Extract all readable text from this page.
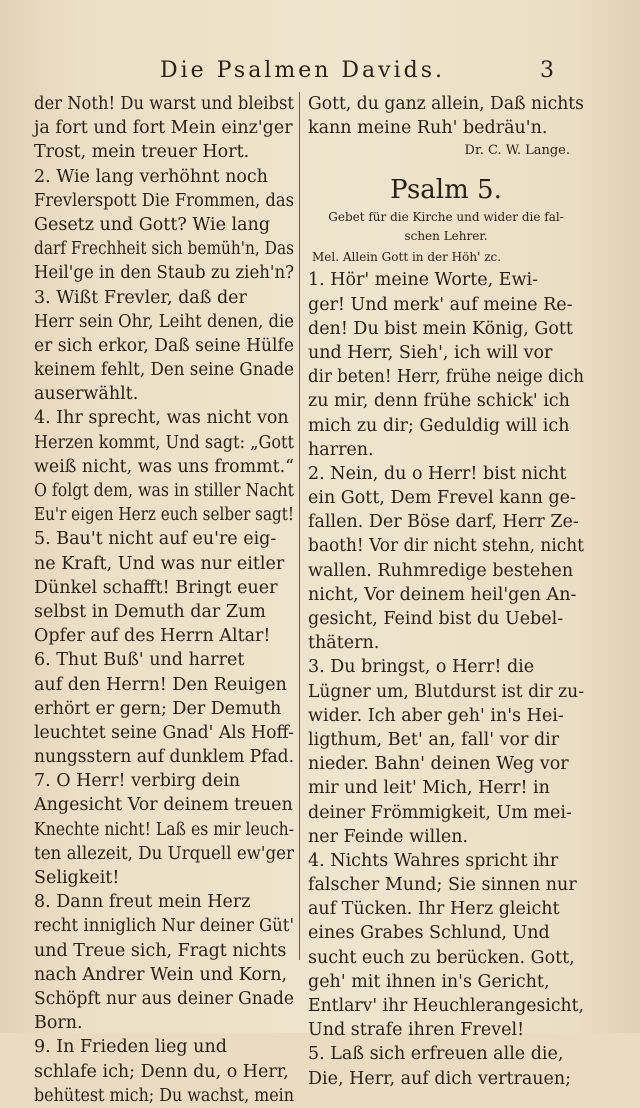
Die Psalmen Davids.	3
der Noth! Du warst und bleibst
ja fort und fort Mein einz'ger
Trost, mein treuer Hort.
2. Wie lang verhöhnt noch
Frevlerspott Die Frommen, das
Gesetz und Gott? Wie lang
darf Frechheit sich bemüh'n, Das
Heil'ge in den Staub zu zieh'n?
3. Wißt Frevler, daß der
Herr sein Ohr, Leiht denen, die
er sich erkor, Daß seine Hülfe
keinem fehlt, Den seine Gnade
auserwählt.
4. Ihr sprecht, was nicht von
Herzen kommt, Und sagt: „Gott
weiß nicht, was uns frommt.“
O folgt dem, was in stiller Nacht
Eu'r eigen Herz euch selber sagt!
5. Bau't nicht auf eu're eig-
ne Kraft, Und was nur eitler
Dünkel schafft! Bringt euer
selbst in Demuth dar Zum
Opfer auf des Herrn Altar!
6. Thut Buß' und harret
auf den Herrn! Den Reuigen
erhört er gern; Der Demuth
leuchtet seine Gnad' Als Hoff-
nungsstern auf dunklem Pfad.
7. O Herr! verbirg dein
Angesicht Vor deinem treuen
Knechte nicht! Laß es mir leuch-
ten allezeit, Du Urquell ew'ger
Seligkeit!
8. Dann freut mein Herz
recht inniglich Nur deiner Güt'
und Treue sich, Fragt nichts
nach Andrer Wein und Korn,
Schöpft nur aus deiner Gnade
Born.
9. In Frieden lieg und
schlafe ich; Denn du, o Herr,
behütest mich; Du wachst, mein
Gott, du ganz allein, Daß nichts
kann meine Ruh' bedräu'n.
Dr. C. W. Lange.
Psalm 5.
Gebet für die Kirche und wider die fal-
schen Lehrer.
Mel. Allein Gott in der Höh' zc.
1. Hör' meine Worte, Ewi-
ger! Und merk' auf meine Re-
den! Du bist mein König, Gott
und Herr, Sieh', ich will vor
dir beten! Herr, frühe neige dich
zu mir, denn frühe schick' ich
mich zu dir; Geduldig will ich
harren.
2. Nein, du o Herr! bist nicht
ein Gott, Dem Frevel kann ge-
fallen. Der Böse darf, Herr Ze-
baoth! Vor dir nicht stehn, nicht
wallen. Ruhmredige bestehen
nicht, Vor deinem heil'gen An-
gesicht, Feind bist du Uebel-
thätern.
3. Du bringst, o Herr! die
Lügner um, Blutdurst ist dir zu-
wider. Ich aber geh' in's Hei-
ligthum, Bet' an, fall' vor dir
nieder. Bahn' deinen Weg vor
mir und leit' Mich, Herr! in
deiner Frömmigkeit, Um mei-
ner Feinde willen.
4. Nichts Wahres spricht ihr
falscher Mund; Sie sinnen nur
auf Tücken. Ihr Herz gleicht
eines Grabes Schlund, Und
sucht euch zu berücken. Gott,
geh' mit ihnen in's Gericht,
Entlarv' ihr Heuchlerangesicht,
Und strafe ihren Frevel!
5. Laß sich erfreuen alle die,
Die, Herr, auf dich vertrauen;
